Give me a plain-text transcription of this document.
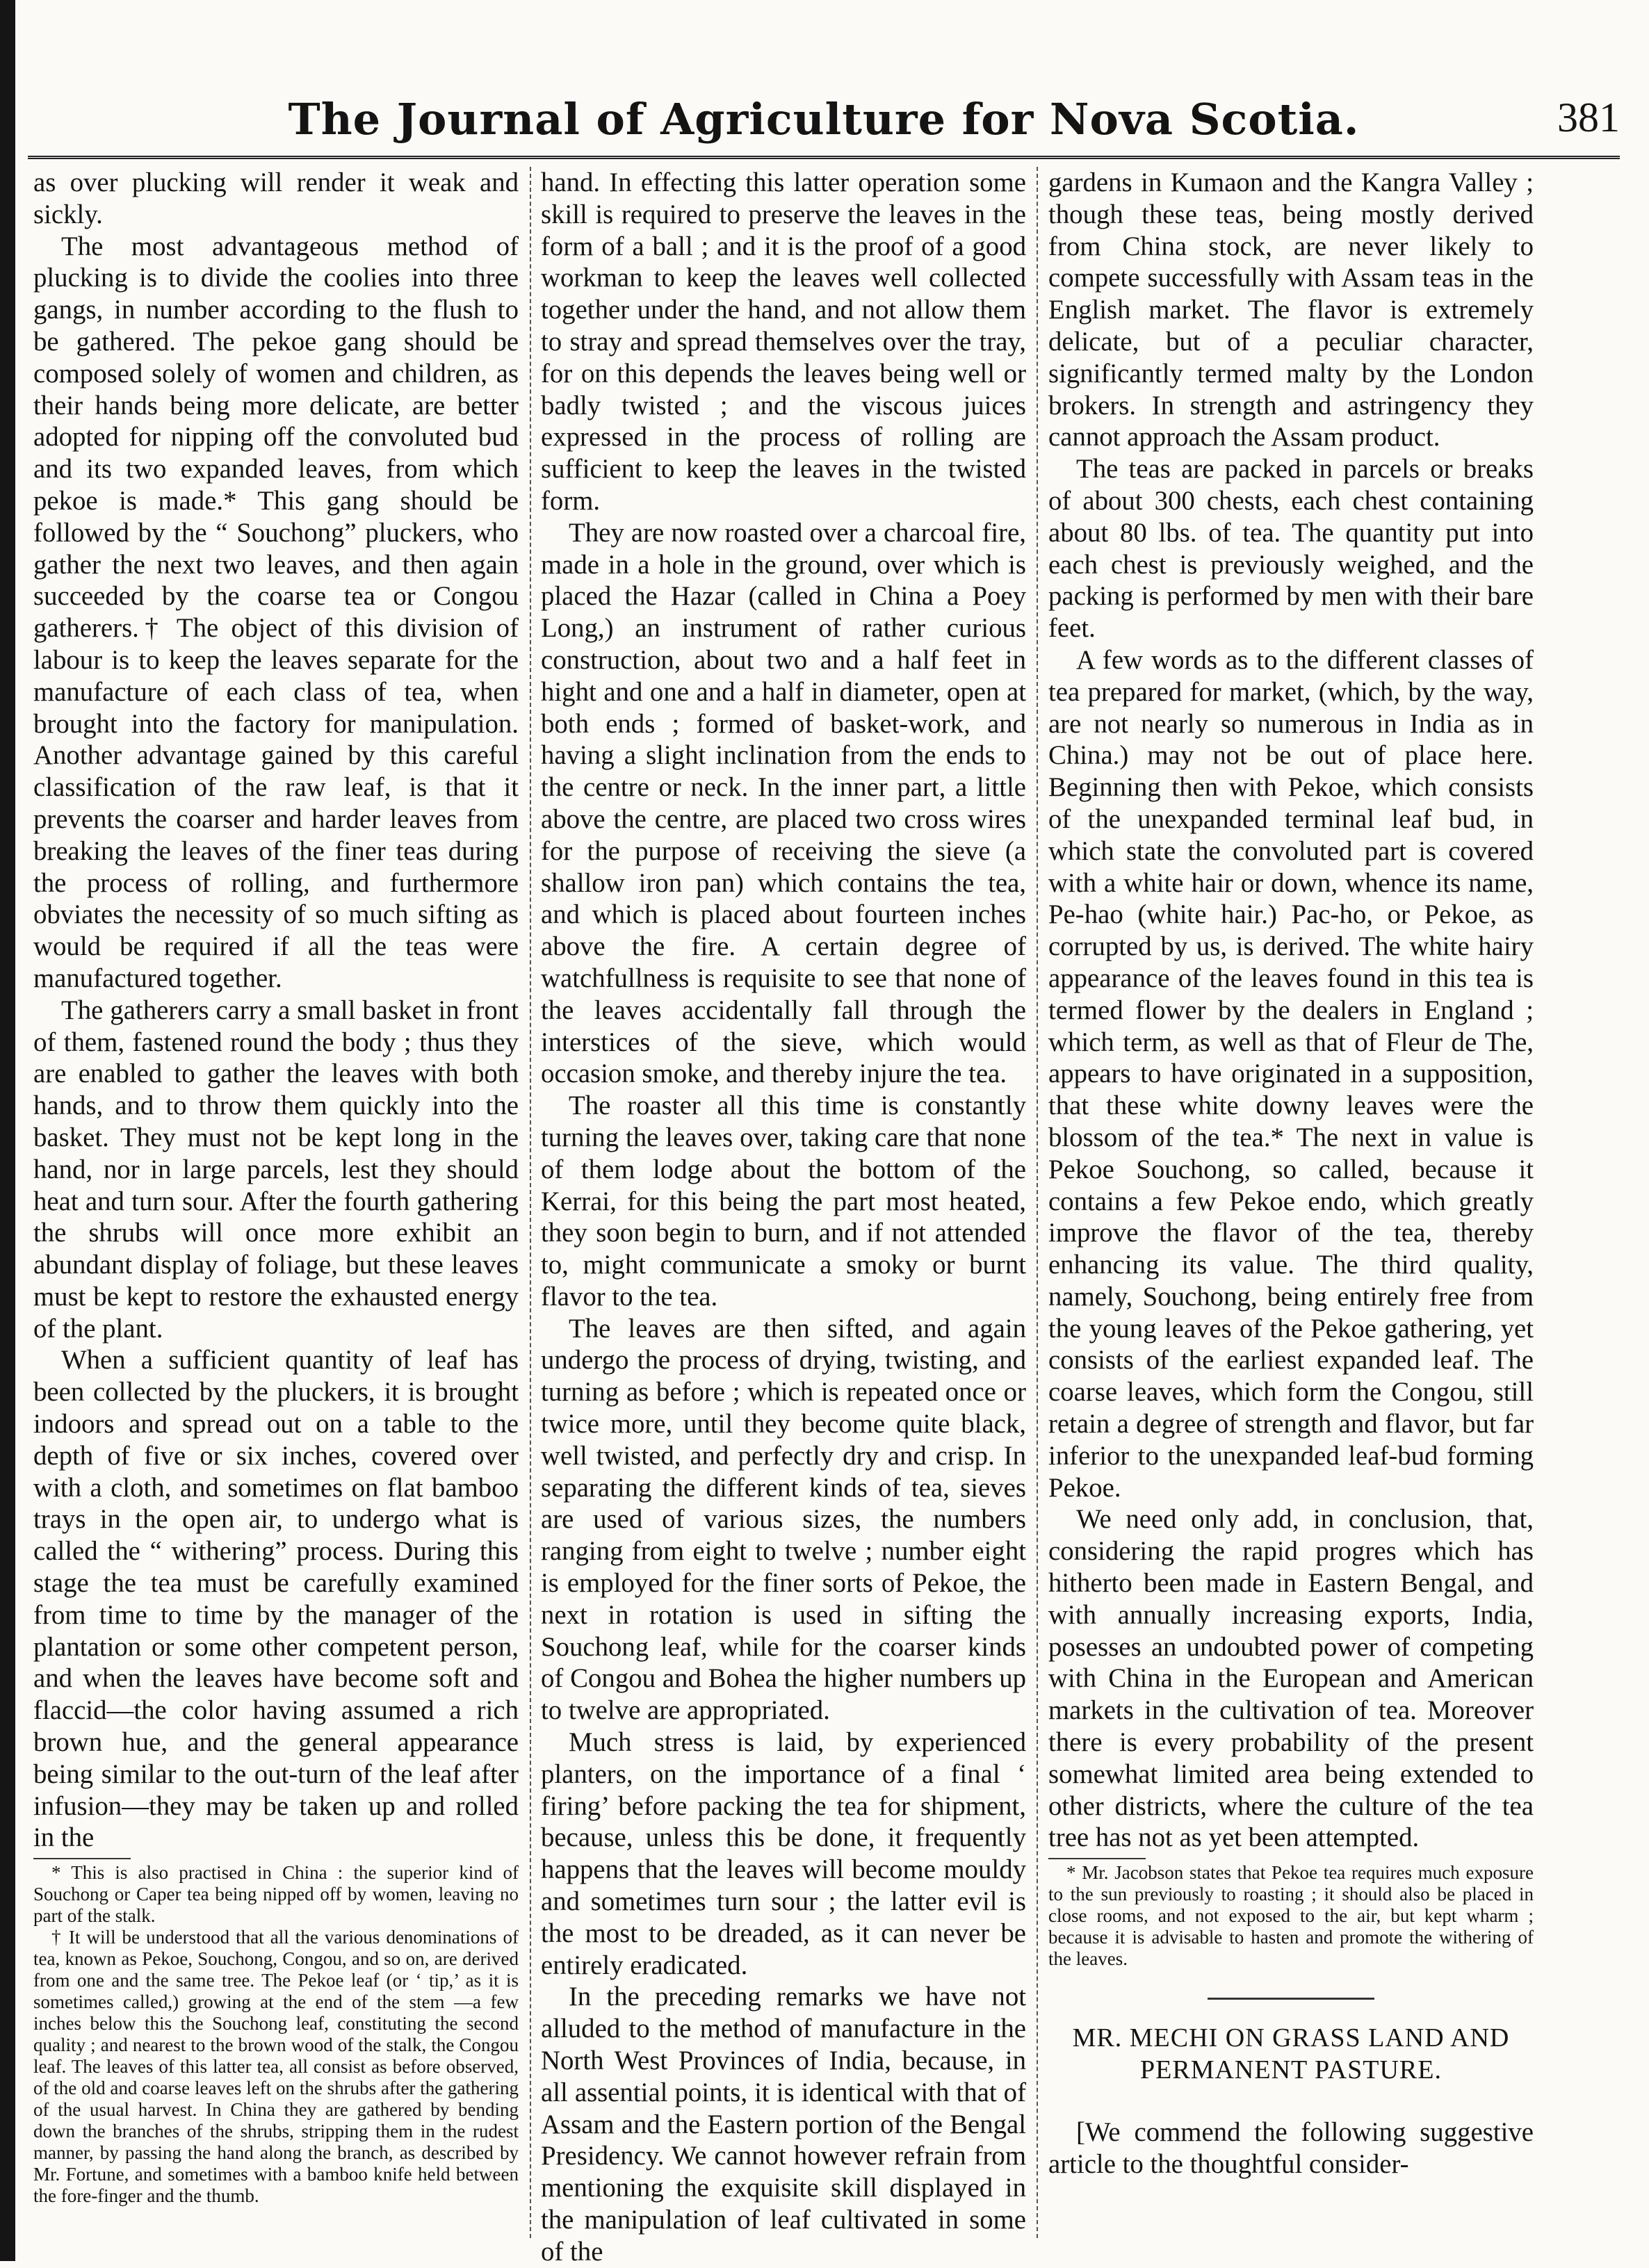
The Journal of Agriculture for Nova Scotia.	381

as over plucking will render it weak and sickly.

The most advantageous method of plucking is to divide the coolies into three gangs, in number according to the flush to be gathered. The pekoe gang should be composed solely of women and children, as their hands being more delicate, are better adopted for nipping off the convoluted bud and its two expanded leaves, from which pekoe is made.* This gang should be followed by the “ Souchong” pluckers, who gather the next two leaves, and then again succeeded by the coarse tea or Congou gatherers.† The object of this division of labour is to keep the leaves separate for the manufacture of each class of tea, when brought into the factory for manipulation. Another advantage gained by this careful classification of the raw leaf, is that it prevents the coarser and harder leaves from breaking the leaves of the finer teas during the process of rolling, and furthermore obviates the necessity of so much sifting as would be required if all the teas were manufactured together.

The gatherers carry a small basket in front of them, fastened round the body ; thus they are enabled to gather the leaves with both hands, and to throw them quickly into the basket. They must not be kept long in the hand, nor in large parcels, lest they should heat and turn sour. After the fourth gathering the shrubs will once more exhibit an abundant display of foliage, but these leaves must be kept to restore the exhausted energy of the plant.

When a sufficient quantity of leaf has been collected by the pluckers, it is brought indoors and spread out on a table to the depth of five or six inches, covered over with a cloth, and sometimes on flat bamboo trays in the open air, to undergo what is called the “ withering” process. During this stage the tea must be carefully examined from time to time by the manager of the plantation or some other competent person, and when the leaves have become soft and flaccid—the color having assumed a rich brown hue, and the general appearance being similar to the out-turn of the leaf after infusion—they may be taken up and rolled in the

* This is also practised in China : the superior kind of Souchong or Caper tea being nipped off by women, leaving no part of the stalk.

† It will be understood that all the various denominations of tea, known as Pekoe, Souchong, Congou, and so on, are derived from one and the same tree. The Pekoe leaf (or ‘ tip,’ as it is sometimes called,) growing at the end of the stem —a few inches below this the Souchong leaf, constituting the second quality ; and nearest to the brown wood of the stalk, the Congou leaf. The leaves of this latter tea, all consist as before observed, of the old and coarse leaves left on the shrubs after the gathering of the usual harvest. In China they are gathered by bending down the branches of the shrubs, stripping them in the rudest manner, by passing the hand along the branch, as described by Mr. Fortune, and sometimes with a bamboo knife held between the fore-finger and the thumb.

hand. In effecting this latter operation some skill is required to preserve the leaves in the form of a ball ; and it is the proof of a good workman to keep the leaves well collected together under the hand, and not allow them to stray and spread themselves over the tray, for on this depends the leaves being well or badly twisted ; and the viscous juices expressed in the process of rolling are sufficient to keep the leaves in the twisted form.

They are now roasted over a charcoal fire, made in a hole in the ground, over which is placed the Hazar (called in China a Poey Long,) an instrument of rather curious construction, about two and a half feet in hight and one and a half in diameter, open at both ends ; formed of basket-work, and having a slight inclination from the ends to the centre or neck. In the inner part, a little above the centre, are placed two cross wires for the purpose of receiving the sieve (a shallow iron pan) which contains the tea, and which is placed about fourteen inches above the fire. A certain degree of watchfullness is requisite to see that none of the leaves accidentally fall through the interstices of the sieve, which would occasion smoke, and thereby injure the tea.

The roaster all this time is constantly turning the leaves over, taking care that none of them lodge about the bottom of the Kerrai, for this being the part most heated, they soon begin to burn, and if not attended to, might communicate a smoky or burnt flavor to the tea.

The leaves are then sifted, and again undergo the process of drying, twisting, and turning as before ; which is repeated once or twice more, until they become quite black, well twisted, and perfectly dry and crisp. In separating the different kinds of tea, sieves are used of various sizes, the numbers ranging from eight to twelve ; number eight is employed for the finer sorts of Pekoe, the next in rotation is used in sifting the Souchong leaf, while for the coarser kinds of Congou and Bohea the higher numbers up to twelve are appropriated.

Much stress is laid, by experienced planters, on the importance of a final ‘ firing’ before packing the tea for shipment, because, unless this be done, it frequently happens that the leaves will become mouldy and sometimes turn sour ; the latter evil is the most to be dreaded, as it can never be entirely eradicated.

In the preceding remarks we have not alluded to the method of manufacture in the North West Provinces of India, because, in all assential points, it is identical with that of Assam and the Eastern portion of the Bengal Presidency. We cannot however refrain from mentioning the exquisite skill displayed in the manipulation of leaf cultivated in some of the

gardens in Kumaon and the Kangra Valley ; though these teas, being mostly derived from China stock, are never likely to compete successfully with Assam teas in the English market. The flavor is extremely delicate, but of a peculiar character, significantly termed malty by the London brokers. In strength and astringency they cannot approach the Assam product.

The teas are packed in parcels or breaks of about 300 chests, each chest containing about 80 lbs. of tea. The quantity put into each chest is previously weighed, and the packing is performed by men with their bare feet.

A few words as to the different classes of tea prepared for market, (which, by the way, are not nearly so numerous in India as in China.) may not be out of place here. Beginning then with Pekoe, which consists of the unexpanded terminal leaf bud, in which state the convoluted part is covered with a white hair or down, whence its name, Pe-hao (white hair.) Pac-ho, or Pekoe, as corrupted by us, is derived. The white hairy appearance of the leaves found in this tea is termed flower by the dealers in England ; which term, as well as that of Fleur de The, appears to have originated in a supposition, that these white downy leaves were the blossom of the tea.* The next in value is Pekoe Souchong, so called, because it contains a few Pekoe endo, which greatly improve the flavor of the tea, thereby enhancing its value. The third quality, namely, Souchong, being entirely free from the young leaves of the Pekoe gathering, yet consists of the earliest expanded leaf. The coarse leaves, which form the Congou, still retain a degree of strength and flavor, but far inferior to the unexpanded leaf-bud forming Pekoe.

We need only add, in conclusion, that, considering the rapid progres which has hitherto been made in Eastern Bengal, and with annually increasing exports, India, posesses an undoubted power of competing with China in the European and American markets in the cultivation of tea. Moreover there is every probability of the present somewhat limited area being extended to other districts, where the culture of the tea tree has not as yet been attempted.

* Mr. Jacobson states that Pekoe tea requires much exposure to the sun previously to roasting ; it should also be placed in close rooms, and not exposed to the air, but kept wharm ; because it is advisable to hasten and promote the withering of the leaves.

MR. MECHI ON GRASS LAND AND PERMANENT PASTURE.

[We commend the following suggestive article to the thoughtful consider-
